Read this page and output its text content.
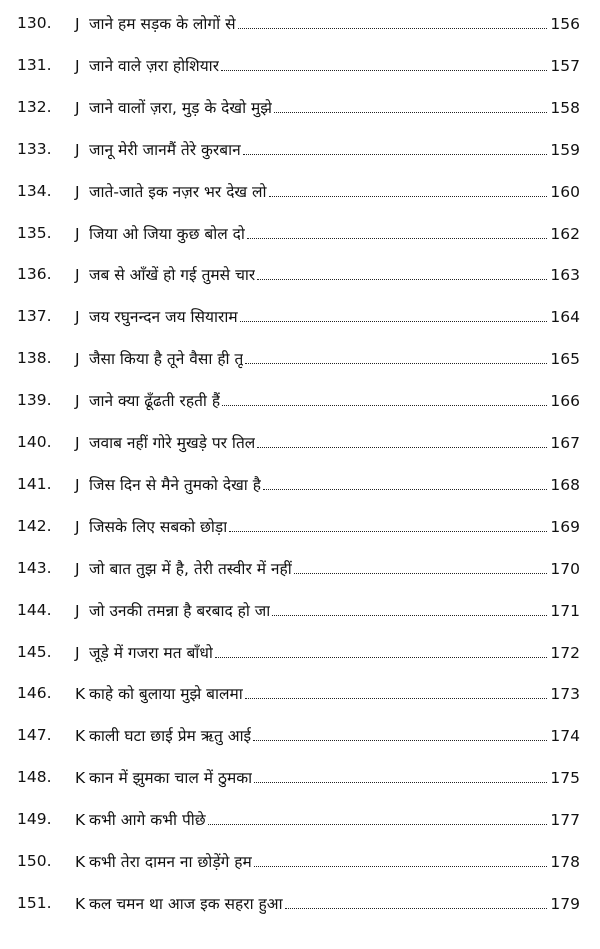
130.	J जाने हम सड़क के लोगों से	156
131.	J जाने वाले ज़रा होशियार	157
132.	J जाने वालों ज़रा, मुड़ के देखो मुझे	158
133.	J जानू मेरी जानमैं तेरे कुरबान	159
134.	J जाते-जाते इक नज़र भर देख लो	160
135.	J जिया ओ जिया कुछ बोल दो	162
136.	J जब से आँखें हो गई तुमसे चार	163
137.	J जय रघुनन्दन जय सियाराम	164
138.	J जैसा किया है तूने वैसा ही तू	165
139.	J जाने क्या ढूँढती रहती हैं	166
140.	J जवाब नहीं गोरे मुखड़े पर तिल	167
141.	J जिस दिन से मैने तुमको देखा है	168
142.	J जिसके लिए सबको छोड़ा	169
143.	J जो बात तुझ में है, तेरी तस्वीर में नहीं	170
144.	J जो उनकी तमन्ना है बरबाद हो जा	171
145.	J जूड़े में गजरा मत बाँधो	172
146.	K काहे को बुलाया मुझे बालमा	173
147.	K काली घटा छाई प्रेम ऋतु आई	174
148.	K कान में झुमका चाल में ठुमका	175
149.	K कभी आगे कभी पीछे	177
150.	K कभी तेरा दामन ना छोड़ेंगे हम	178
151.	K कल चमन था आज इक सहरा हुआ	179
